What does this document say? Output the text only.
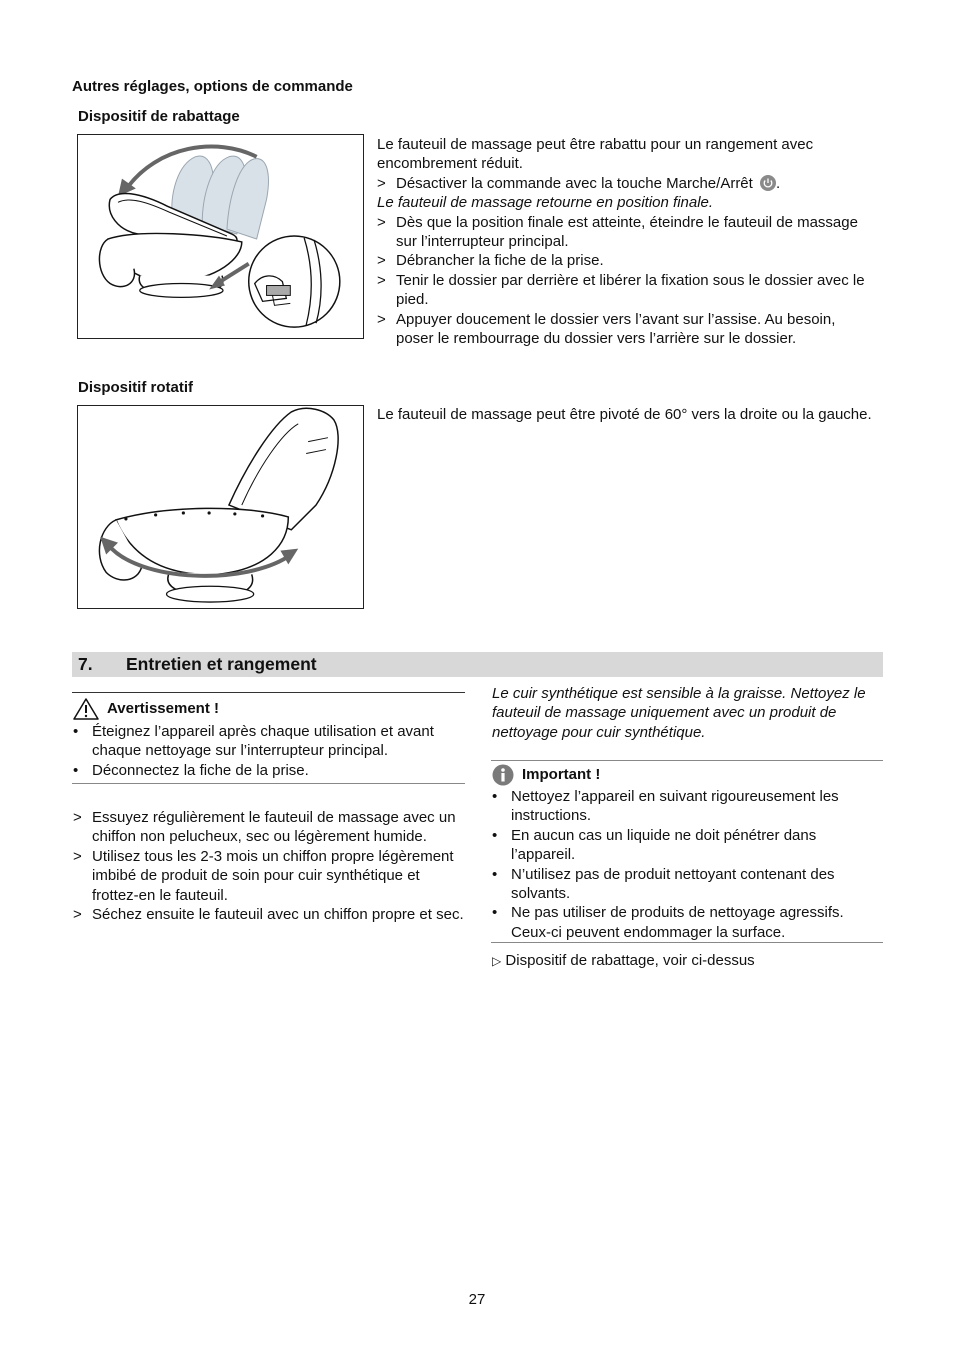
Autres réglages, options de commande
Dispositif de rabattage
Le fauteuil de massage peut être rabattu pour un rangement avec encombrement réduit.
> Désactiver la commande avec la touche Marche/Arrêt .
Le fauteuil de massage retourne en position finale.
> Dès que la position finale est atteinte, éteindre le fauteuil de massage sur l’interrupteur principal.
> Débrancher la fiche de la prise.
> Tenir le dossier par derrière et libérer la fixation sous le dossier avec le pied.
> Appuyer doucement le dossier vers l’avant sur l’assise. Au besoin, poser le rembourrage du dossier vers l’arrière sur le dossier.
Dispositif rotatif
Le fauteuil de massage peut être pivoté de 60° vers la droite ou la gauche.
7. Entretien et rangement
Avertissement !
• Éteignez l’appareil après chaque utilisation et avant chaque nettoyage sur l’interrupteur principal.
• Déconnectez la fiche de la prise.
> Essuyez régulièrement le fauteuil de massage avec un chiffon non pelucheux, sec ou légèrement humide.
> Utilisez tous les 2-3 mois un chiffon propre légèrement imbibé de produit de soin pour cuir synthétique et frottez-en le fauteuil.
> Séchez ensuite le fauteuil avec un chiffon propre et sec.
Le cuir synthétique est sensible à la graisse. Nettoyez le fauteuil de massage uniquement avec un produit de nettoyage pour cuir synthétique.
Important !
• Nettoyez l’appareil en suivant rigoureusement les instructions.
• En aucun cas un liquide ne doit pénétrer dans l’appareil.
• N’utilisez pas de produit nettoyant contenant des solvants.
• Ne pas utiliser de produits de nettoyage agressifs. Ceux-ci peuvent endommager la surface.
▷ Dispositif de rabattage, voir ci-dessus
27
